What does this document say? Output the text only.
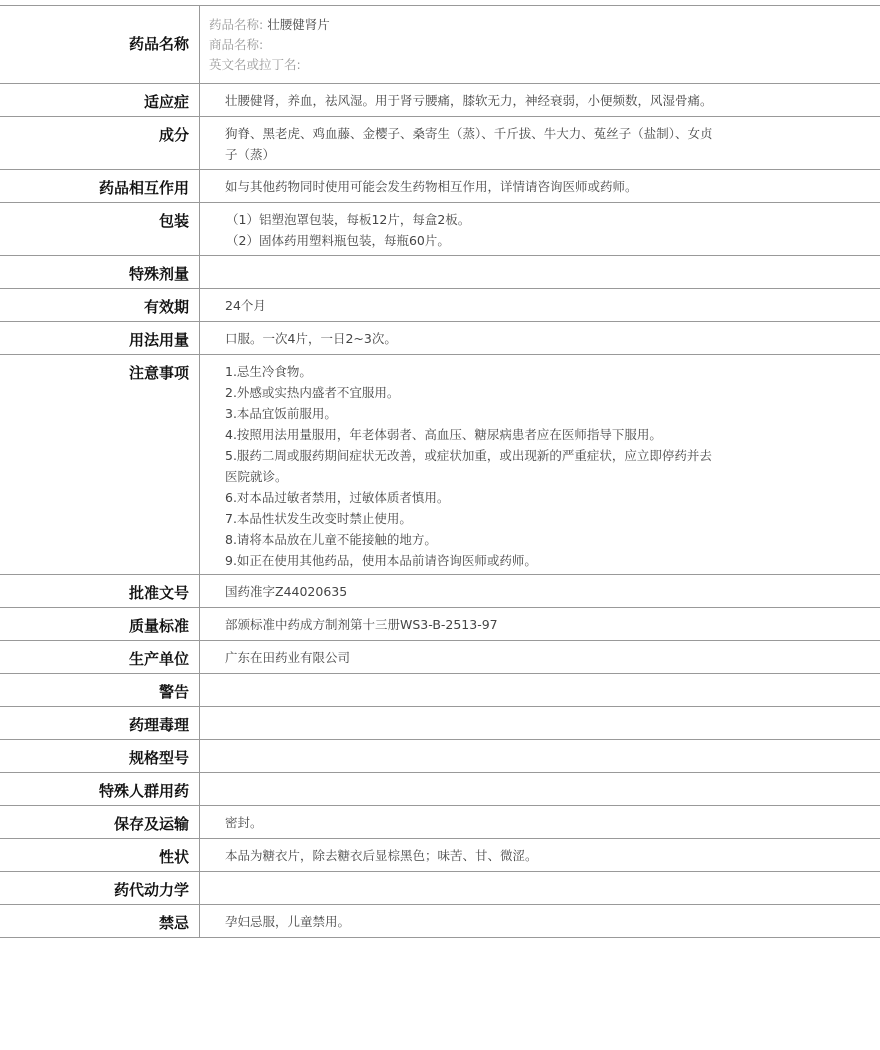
药品名称
药品名称: 壮腰健肾片
商品名称:
英文名或拉丁名:
适应症	壮腰健肾，养血，祛风湿。用于肾亏腰痛，膝软无力，神经衰弱，小便频数，风湿骨痛。
成分	狗脊、黑老虎、鸡血藤、金樱子、桑寄生（蒸）、千斤拔、牛大力、菟丝子（盐制）、女贞
子（蒸）
药品相互作用	如与其他药物同时使用可能会发生药物相互作用，详情请咨询医师或药师。
包装	（1）铝塑泡罩包装，每板12片，每盒2板。
（2）固体药用塑料瓶包装，每瓶60片。
特殊剂量
有效期	24个月
用法用量	口服。一次4片，一日2~3次。
注意事项	1.忌生冷食物。
2.外感或实热内盛者不宜服用。
3.本品宜饭前服用。
4.按照用法用量服用，年老体弱者、高血压、糖尿病患者应在医师指导下服用。
5.服药二周或服药期间症状无改善，或症状加重，或出现新的严重症状，应立即停药并去
医院就诊。
6.对本品过敏者禁用，过敏体质者慎用。
7.本品性状发生改变时禁止使用。
8.请将本品放在儿童不能接触的地方。
9.如正在使用其他药品，使用本品前请咨询医师或药师。
批准文号	国药准字Z44020635
质量标准	部颁标准中药成方制剂第十三册WS3-B-2513-97
生产单位	广东在田药业有限公司
警告
药理毒理
规格型号
特殊人群用药
保存及运输	密封。
性状	本品为糖衣片，除去糖衣后显棕黑色；味苦、甘、微涩。
药代动力学
禁忌	孕妇忌服，儿童禁用。
